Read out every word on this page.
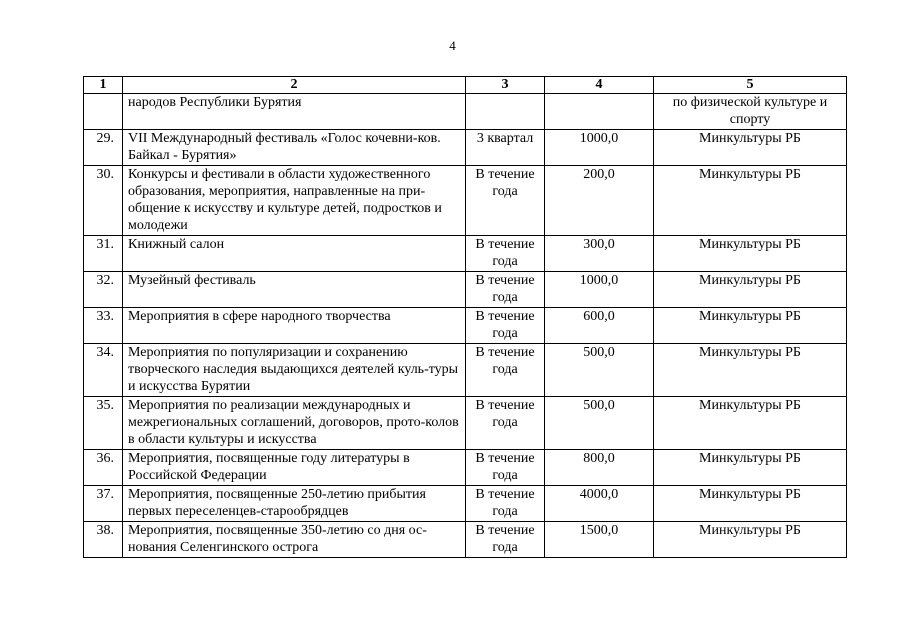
4
1	2	3	4	5
	народов Республики Бурятия			по физической культуре и спорту
29.	VII Международный фестиваль «Голос кочевни-ков. Байкал - Бурятия»	3 квартал	1000,0	Минкультуры РБ
30.	Конкурсы и фестивали в области художественного образования, мероприятия, направленные на при-общение к искусству и культуре детей, подростков и молодежи	В течение года	200,0	Минкультуры РБ
31.	Книжный салон	В течение года	300,0	Минкультуры РБ
32.	Музейный фестиваль	В течение года	1000,0	Минкультуры РБ
33.	Мероприятия в сфере народного творчества	В течение года	600,0	Минкультуры РБ
34.	Мероприятия по популяризации и сохранению творческого наследия выдающихся деятелей куль-туры и искусства Бурятии	В течение года	500,0	Минкультуры РБ
35.	Мероприятия по реализации международных и межрегиональных соглашений, договоров, прото-колов в области культуры и искусства	В течение года	500,0	Минкультуры РБ
36.	Мероприятия, посвященные году литературы в Российской Федерации	В течение года	800,0	Минкультуры РБ
37.	Мероприятия, посвященные 250-летию прибытия первых переселенцев-старообрядцев	В течение года	4000,0	Минкультуры РБ
38.	Мероприятия, посвященные 350-летию со дня ос-нования Селенгинского острога	В течение года	1500,0	Минкультуры РБ
